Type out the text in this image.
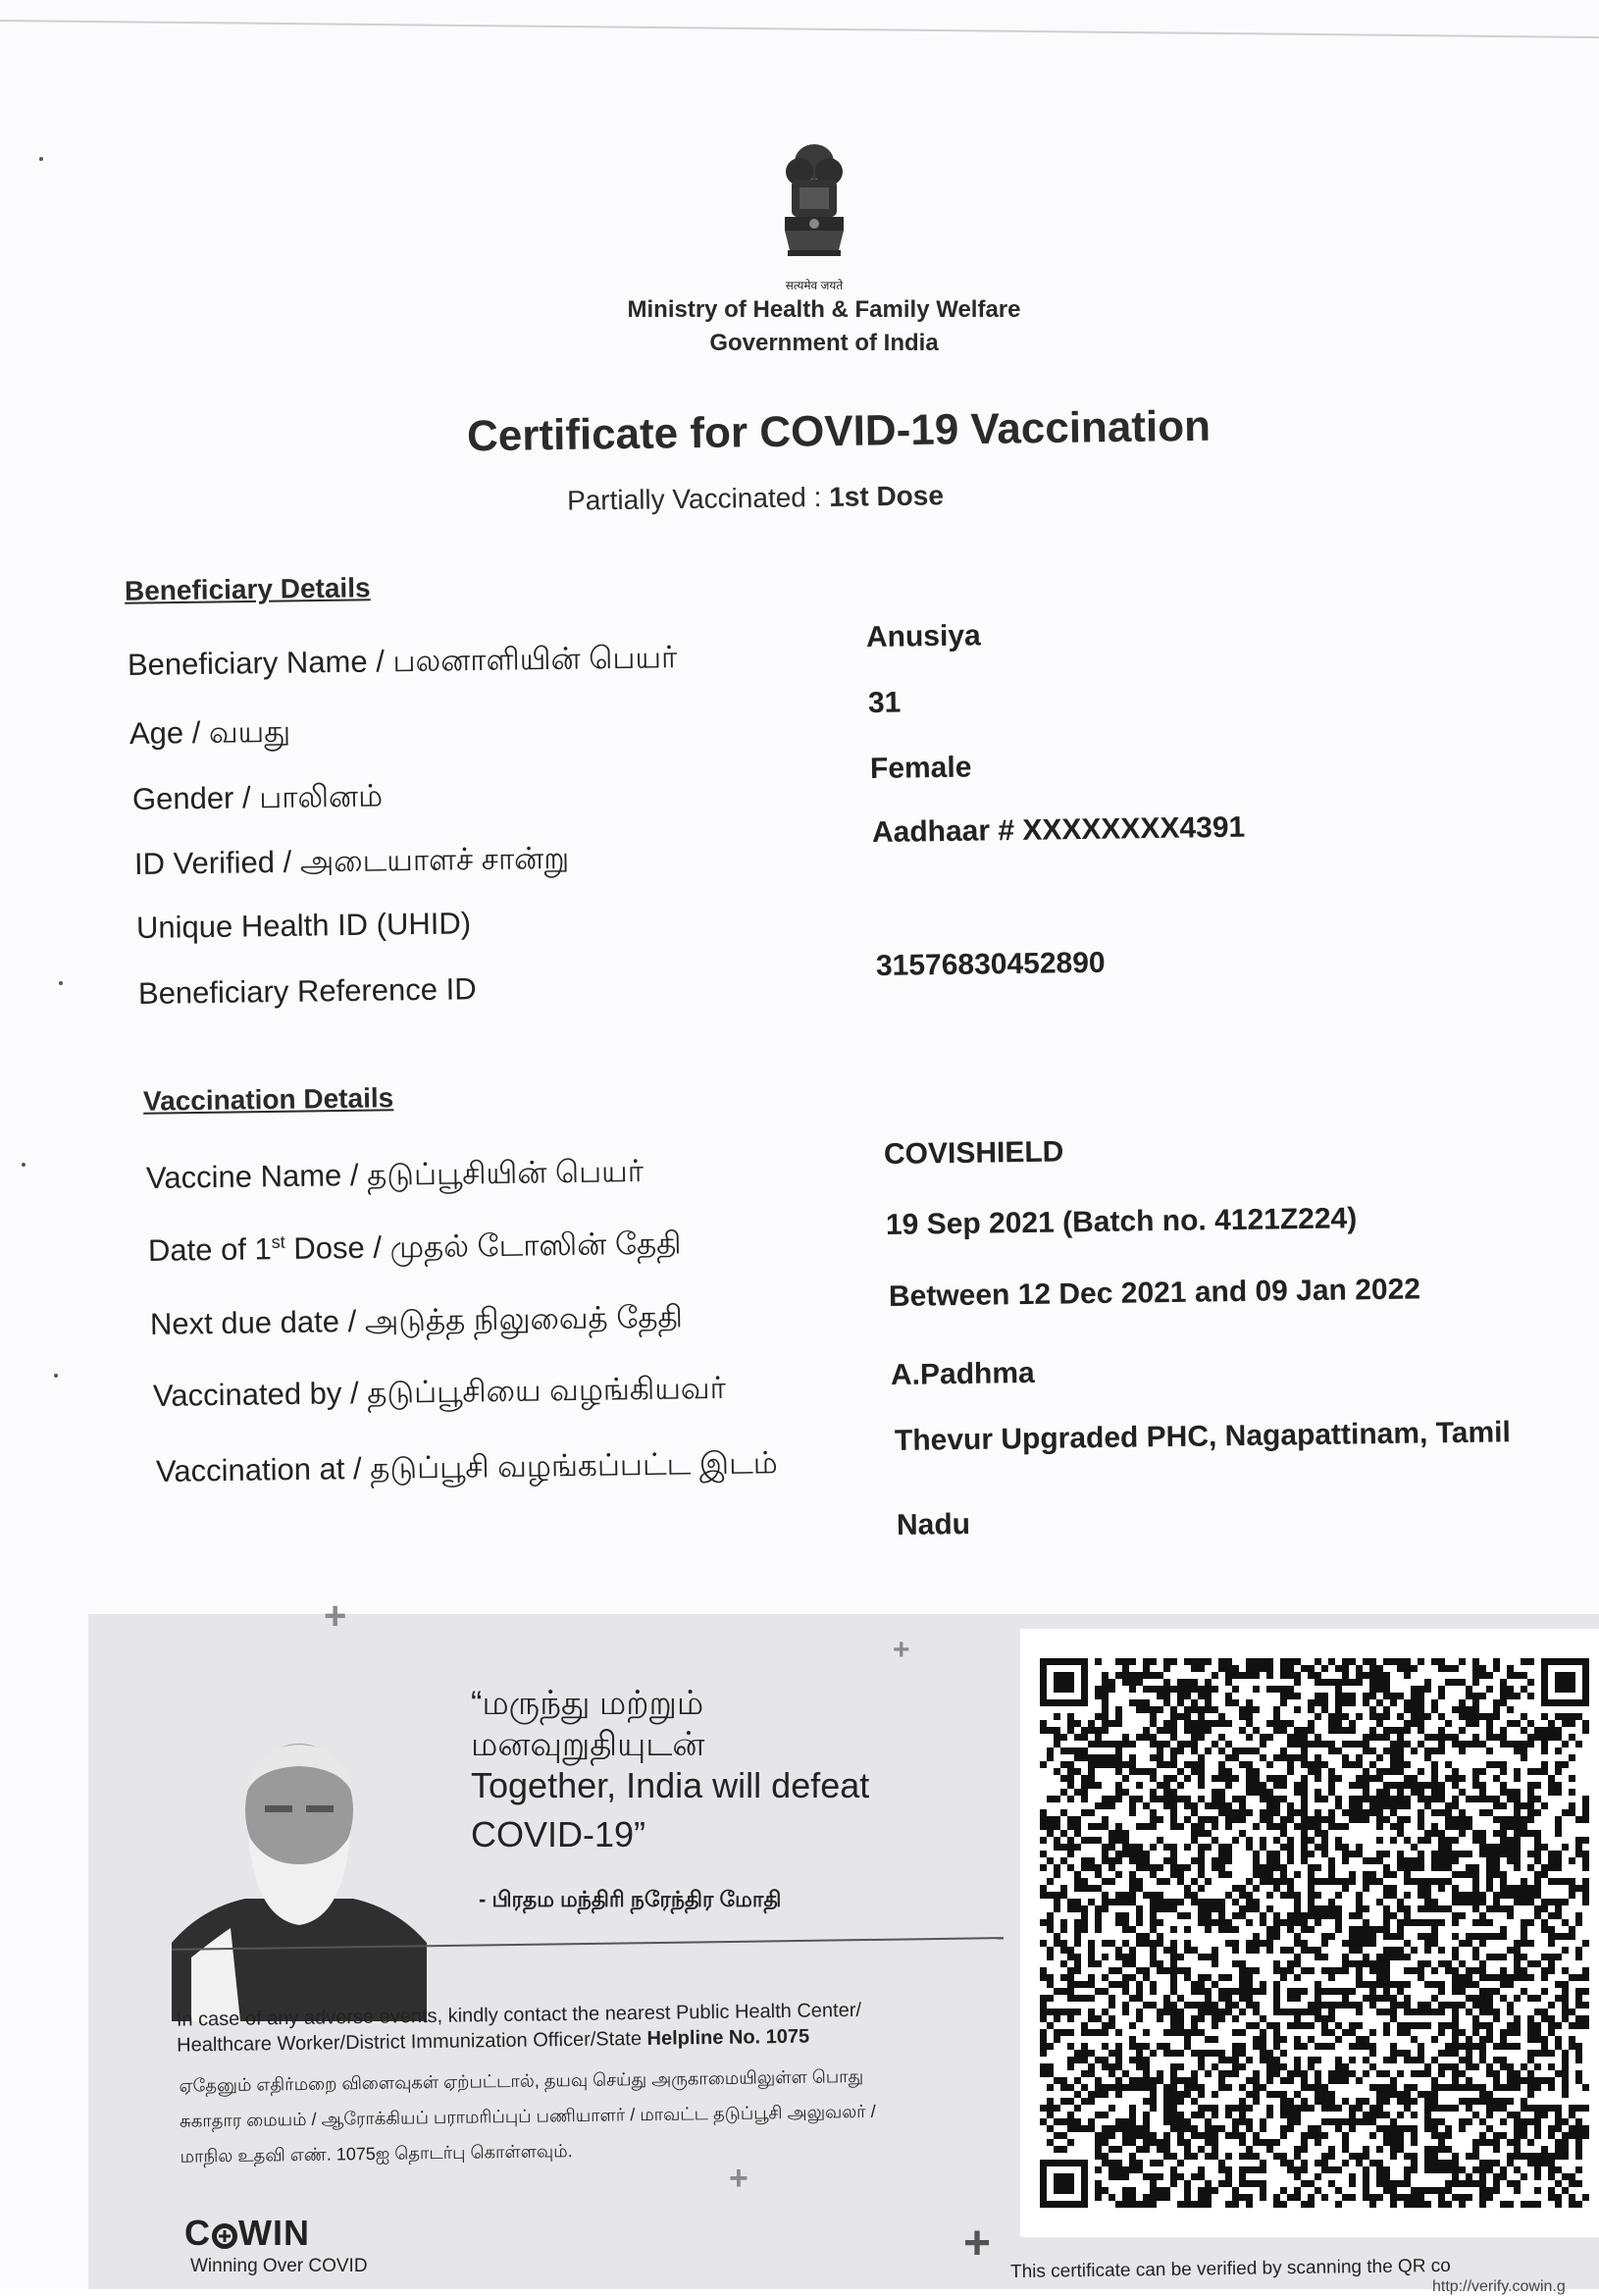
सत्यमेव जयते
Ministry of Health & Family Welfare
Government of India
Certificate for COVID-19 Vaccination
Partially Vaccinated : 1st Dose
Beneficiary Details
Beneficiary Name / பலனாளியின் பெயர்
Anusiya
Age / வயது
31
Gender / பாலினம்
Female
ID Verified / அடையாளச் சான்று
Aadhaar # XXXXXXXX4391
Unique Health ID (UHID)
Beneficiary Reference ID
31576830452890
Vaccination Details
Vaccine Name / தடுப்பூசியின் பெயர்
COVISHIELD
Date of 1st Dose / முதல் டோஸின் தேதி
19 Sep 2021 (Batch no. 4121Z224)
Next due date / அடுத்த நிலுவைத் தேதி
Between 12 Dec 2021 and 09 Jan 2022
Vaccinated by / தடுப்பூசியை வழங்கியவர்	A.Padhma
Vaccination at / தடுப்பூசி வழங்கப்பட்ட இடம்
Thevur Upgraded PHC, Nagapattinam, Tamil
Nadu
+
+
+
+
“மருந்து மற்றும்
மனவுறுதியுடன்
Together, India will defeat
COVID-19”
- பிரதம மந்திரி நரேந்திர மோதி
In case of any adverse events, kindly contact the nearest Public Health Center/
Healthcare Worker/District Immunization Officer/State Helpline No. 1075
ஏதேனும் எதிர்மறை விளைவுகள் ஏற்பட்டால், தயவு செய்து அருகாமையிலுள்ள பொது
சுகாதார மையம் / ஆரோக்கியப் பராமரிப்புப் பணியாளர் / மாவட்ட தடுப்பூசி அலுவலர் /
மாநில உதவி எண். 1075ஐ தொடர்பு கொள்ளவும்.
C WIN
Winning Over COVID	This certificate can be verified by scanning the QR co
http://verify.cowin.g
